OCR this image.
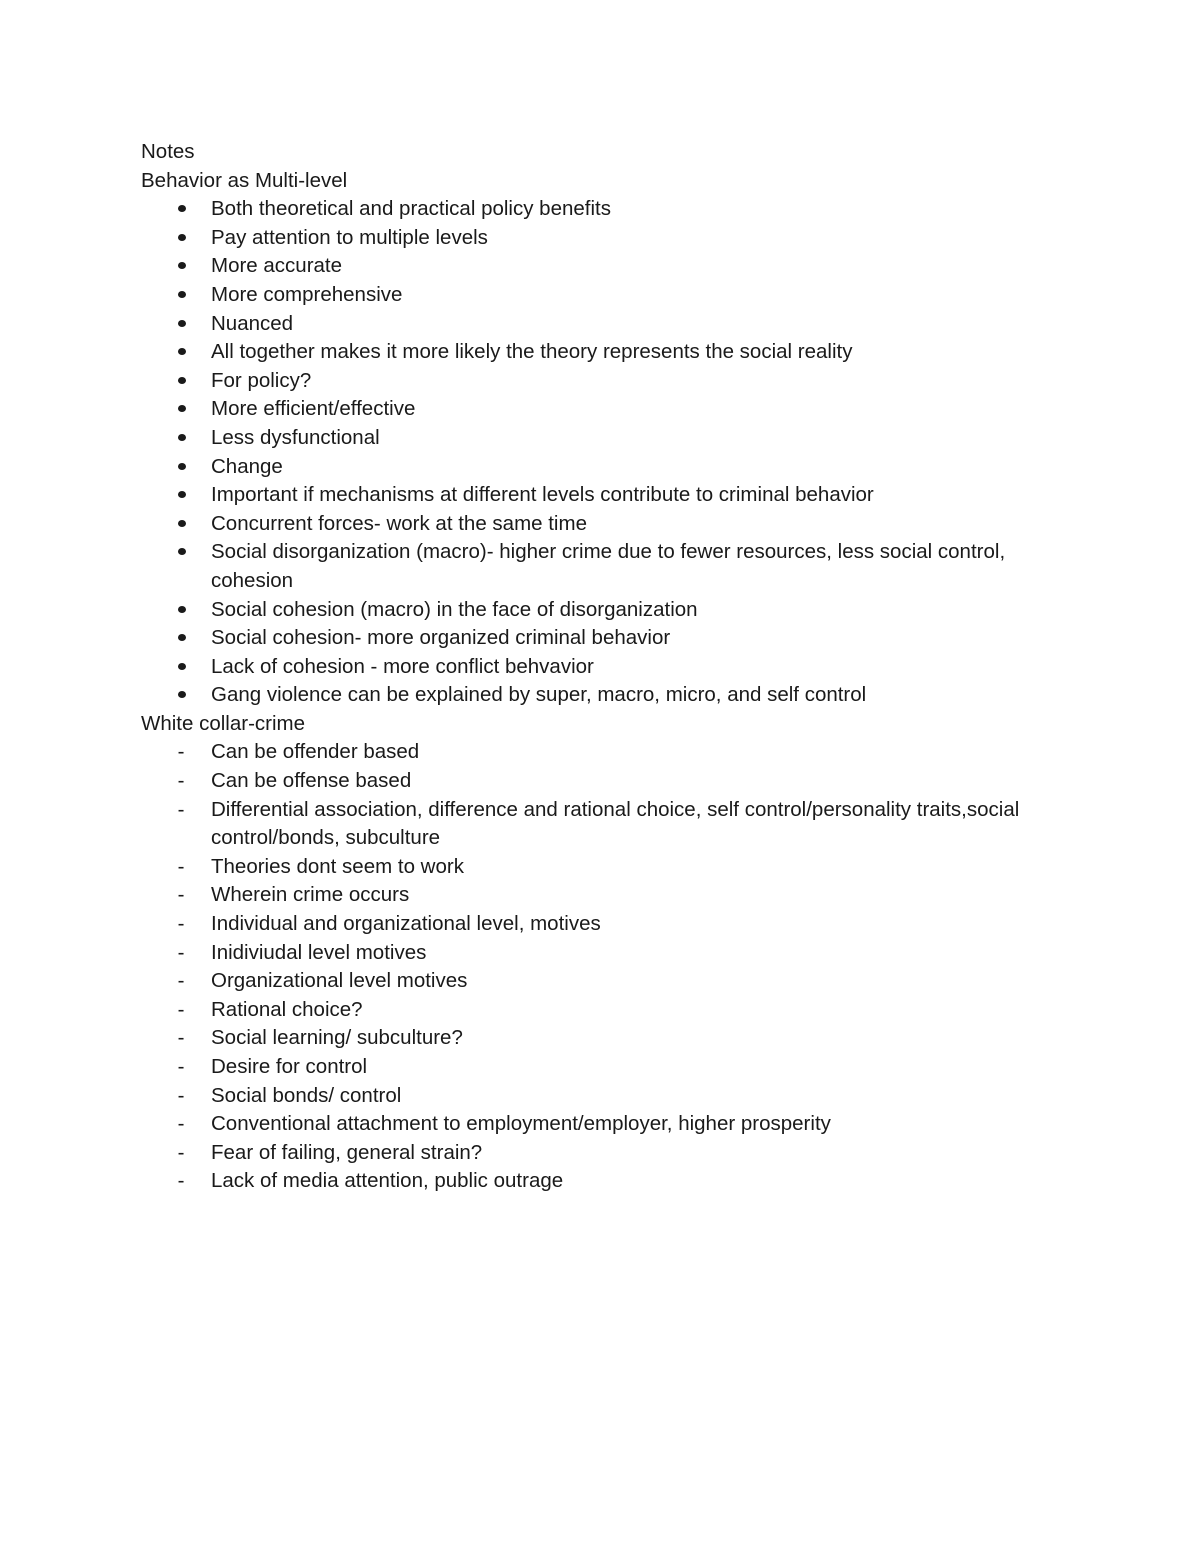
Notes
Behavior as Multi-level
Both theoretical and practical policy benefits
Pay attention to multiple levels
More accurate
More comprehensive
Nuanced
All together makes it more likely the theory represents the social reality
For policy?
More efficient/effective
Less dysfunctional
Change
Important if mechanisms at different levels contribute to criminal behavior
Concurrent forces- work at the same time
Social disorganization (macro)- higher crime due to fewer resources, less social control, cohesion
Social cohesion (macro) in the face of disorganization
Social cohesion- more organized criminal behavior
Lack of cohesion - more conflict behvavior
Gang violence can be explained by super, macro, micro, and self control
White collar-crime
- Can be offender based
- Can be offense based
- Differential association, difference and rational choice, self control/personality traits,social control/bonds, subculture
- Theories dont seem to work
- Wherein crime occurs
- Individual and organizational level, motives
- Inidiviudal level motives
- Organizational level motives
- Rational choice?
- Social learning/ subculture?
- Desire for control
- Social bonds/ control
- Conventional attachment to employment/employer, higher prosperity
- Fear of failing, general strain?
- Lack of media attention, public outrage
